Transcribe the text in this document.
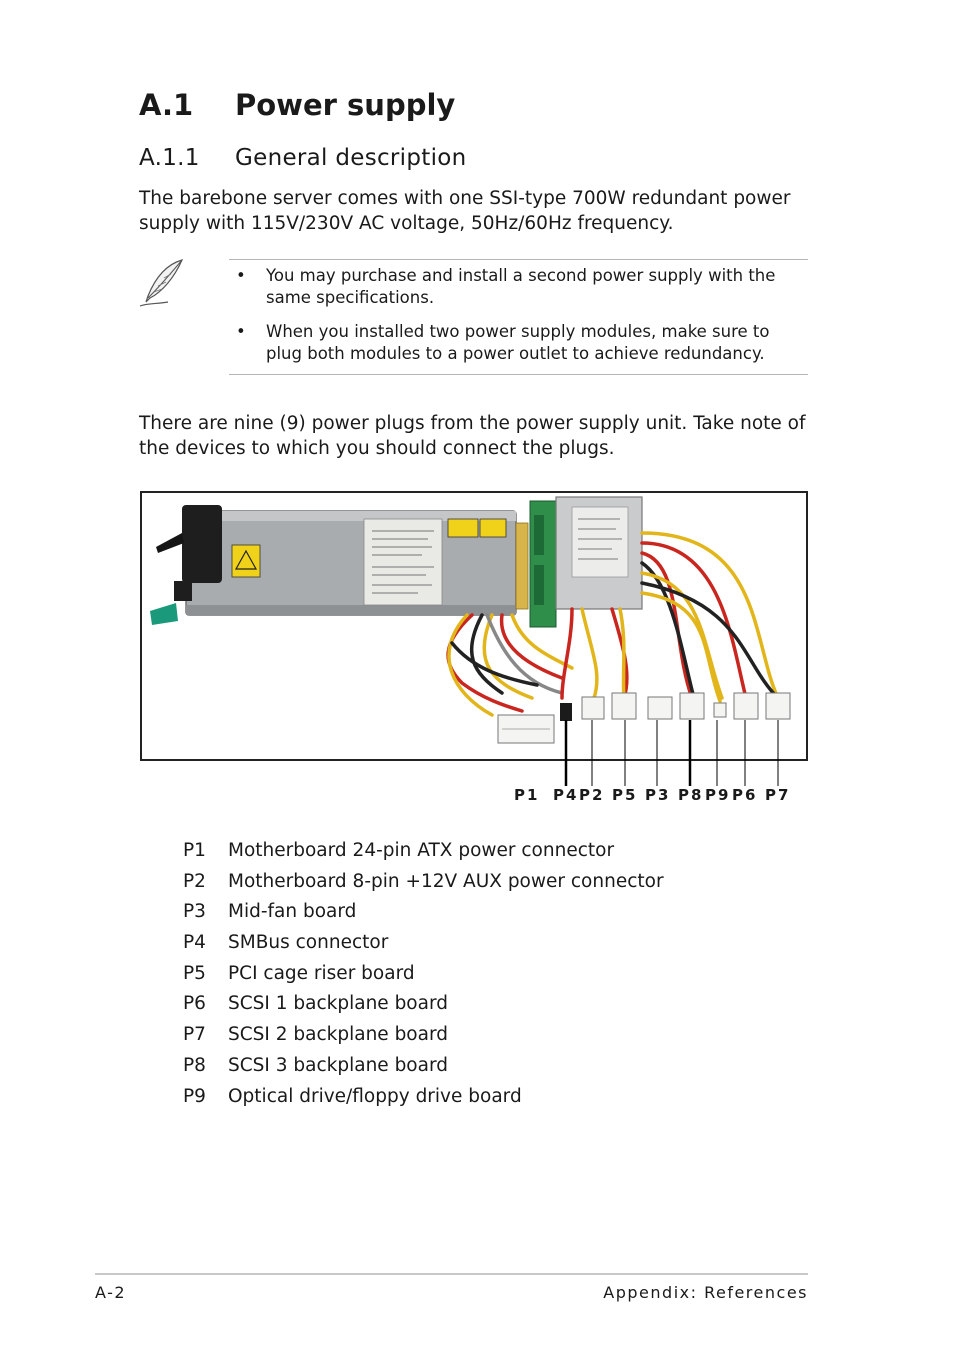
A.1 Power supply
A.1.1 General description
The barebone server comes with one SSI-type 700W redundant power supply with 115V/230V AC voltage, 50Hz/60Hz frequency.
• You may purchase and install a second power supply with the same specifications.
• When you installed two power supply modules, make sure to plug both modules to a power outlet to achieve redundancy.
There are nine (9) power plugs from the power supply unit. Take note of the devices to which you should connect the plugs.
P1 P4 P2 P5 P3 P8 P9 P6 P7
P1 Motherboard 24-pin ATX power connector
P2 Motherboard 8-pin +12V AUX power connector
P3 Mid-fan board
P4 SMBus connector
P5 PCI cage riser board
P6 SCSI 1 backplane board
P7 SCSI 2 backplane board
P8 SCSI 3 backplane board
P9 Optical drive/floppy drive board
A-2	Appendix: References
